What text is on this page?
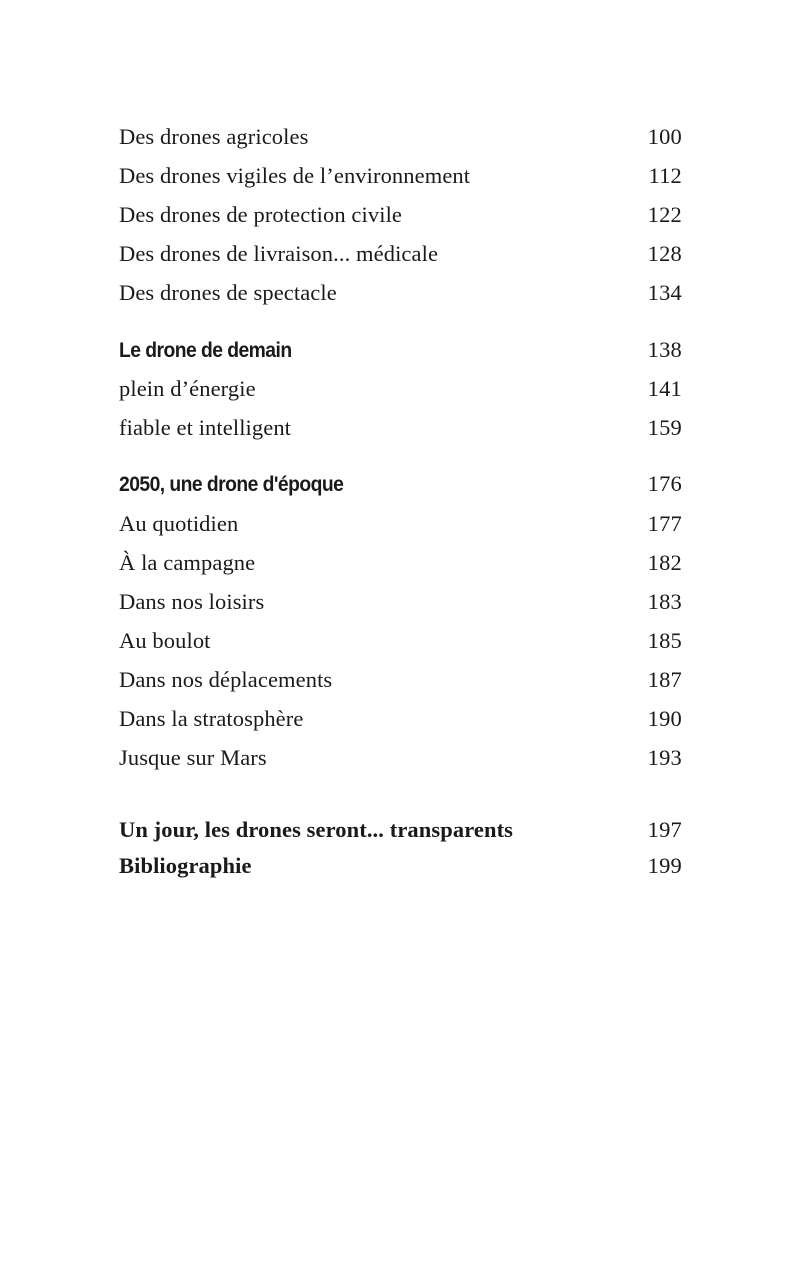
Des drones agricoles	100
Des drones vigiles de l’environnement	112
Des drones de protection civile	122
Des drones de livraison... médicale	128
Des drones de spectacle	134
Le drone de demain	138
plein d’énergie	141
fiable et intelligent	159
2050, une drone d'époque	176
Au quotidien	177
À la campagne	182
Dans nos loisirs	183
Au boulot	185
Dans nos déplacements	187
Dans la stratosphère	190
Jusque sur Mars	193
Un jour, les drones seront... transparents	197
Bibliographie	199
